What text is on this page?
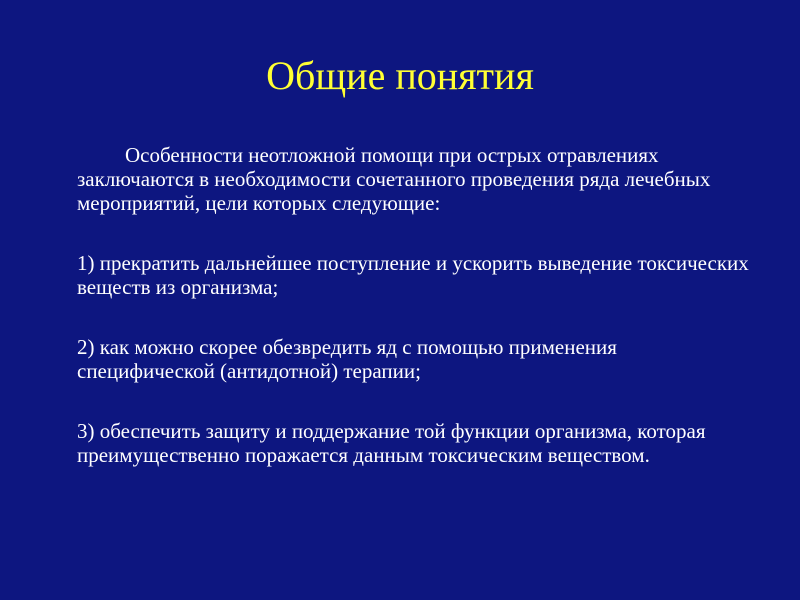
Общие понятия

Особенности неотложной помощи при острых отравлениях заключаются в необходимости сочетанного проведения ряда лечебных мероприятий, цели которых следующие:

1) прекратить дальнейшее поступление и ускорить выведение токсических веществ из организма;

2) как можно скорее обезвредить яд с помощью применения специфической (антидотной) терапии;

3) обеспечить защиту и поддержание той функции организма, которая преимущественно поражается данным токсическим веществом.
